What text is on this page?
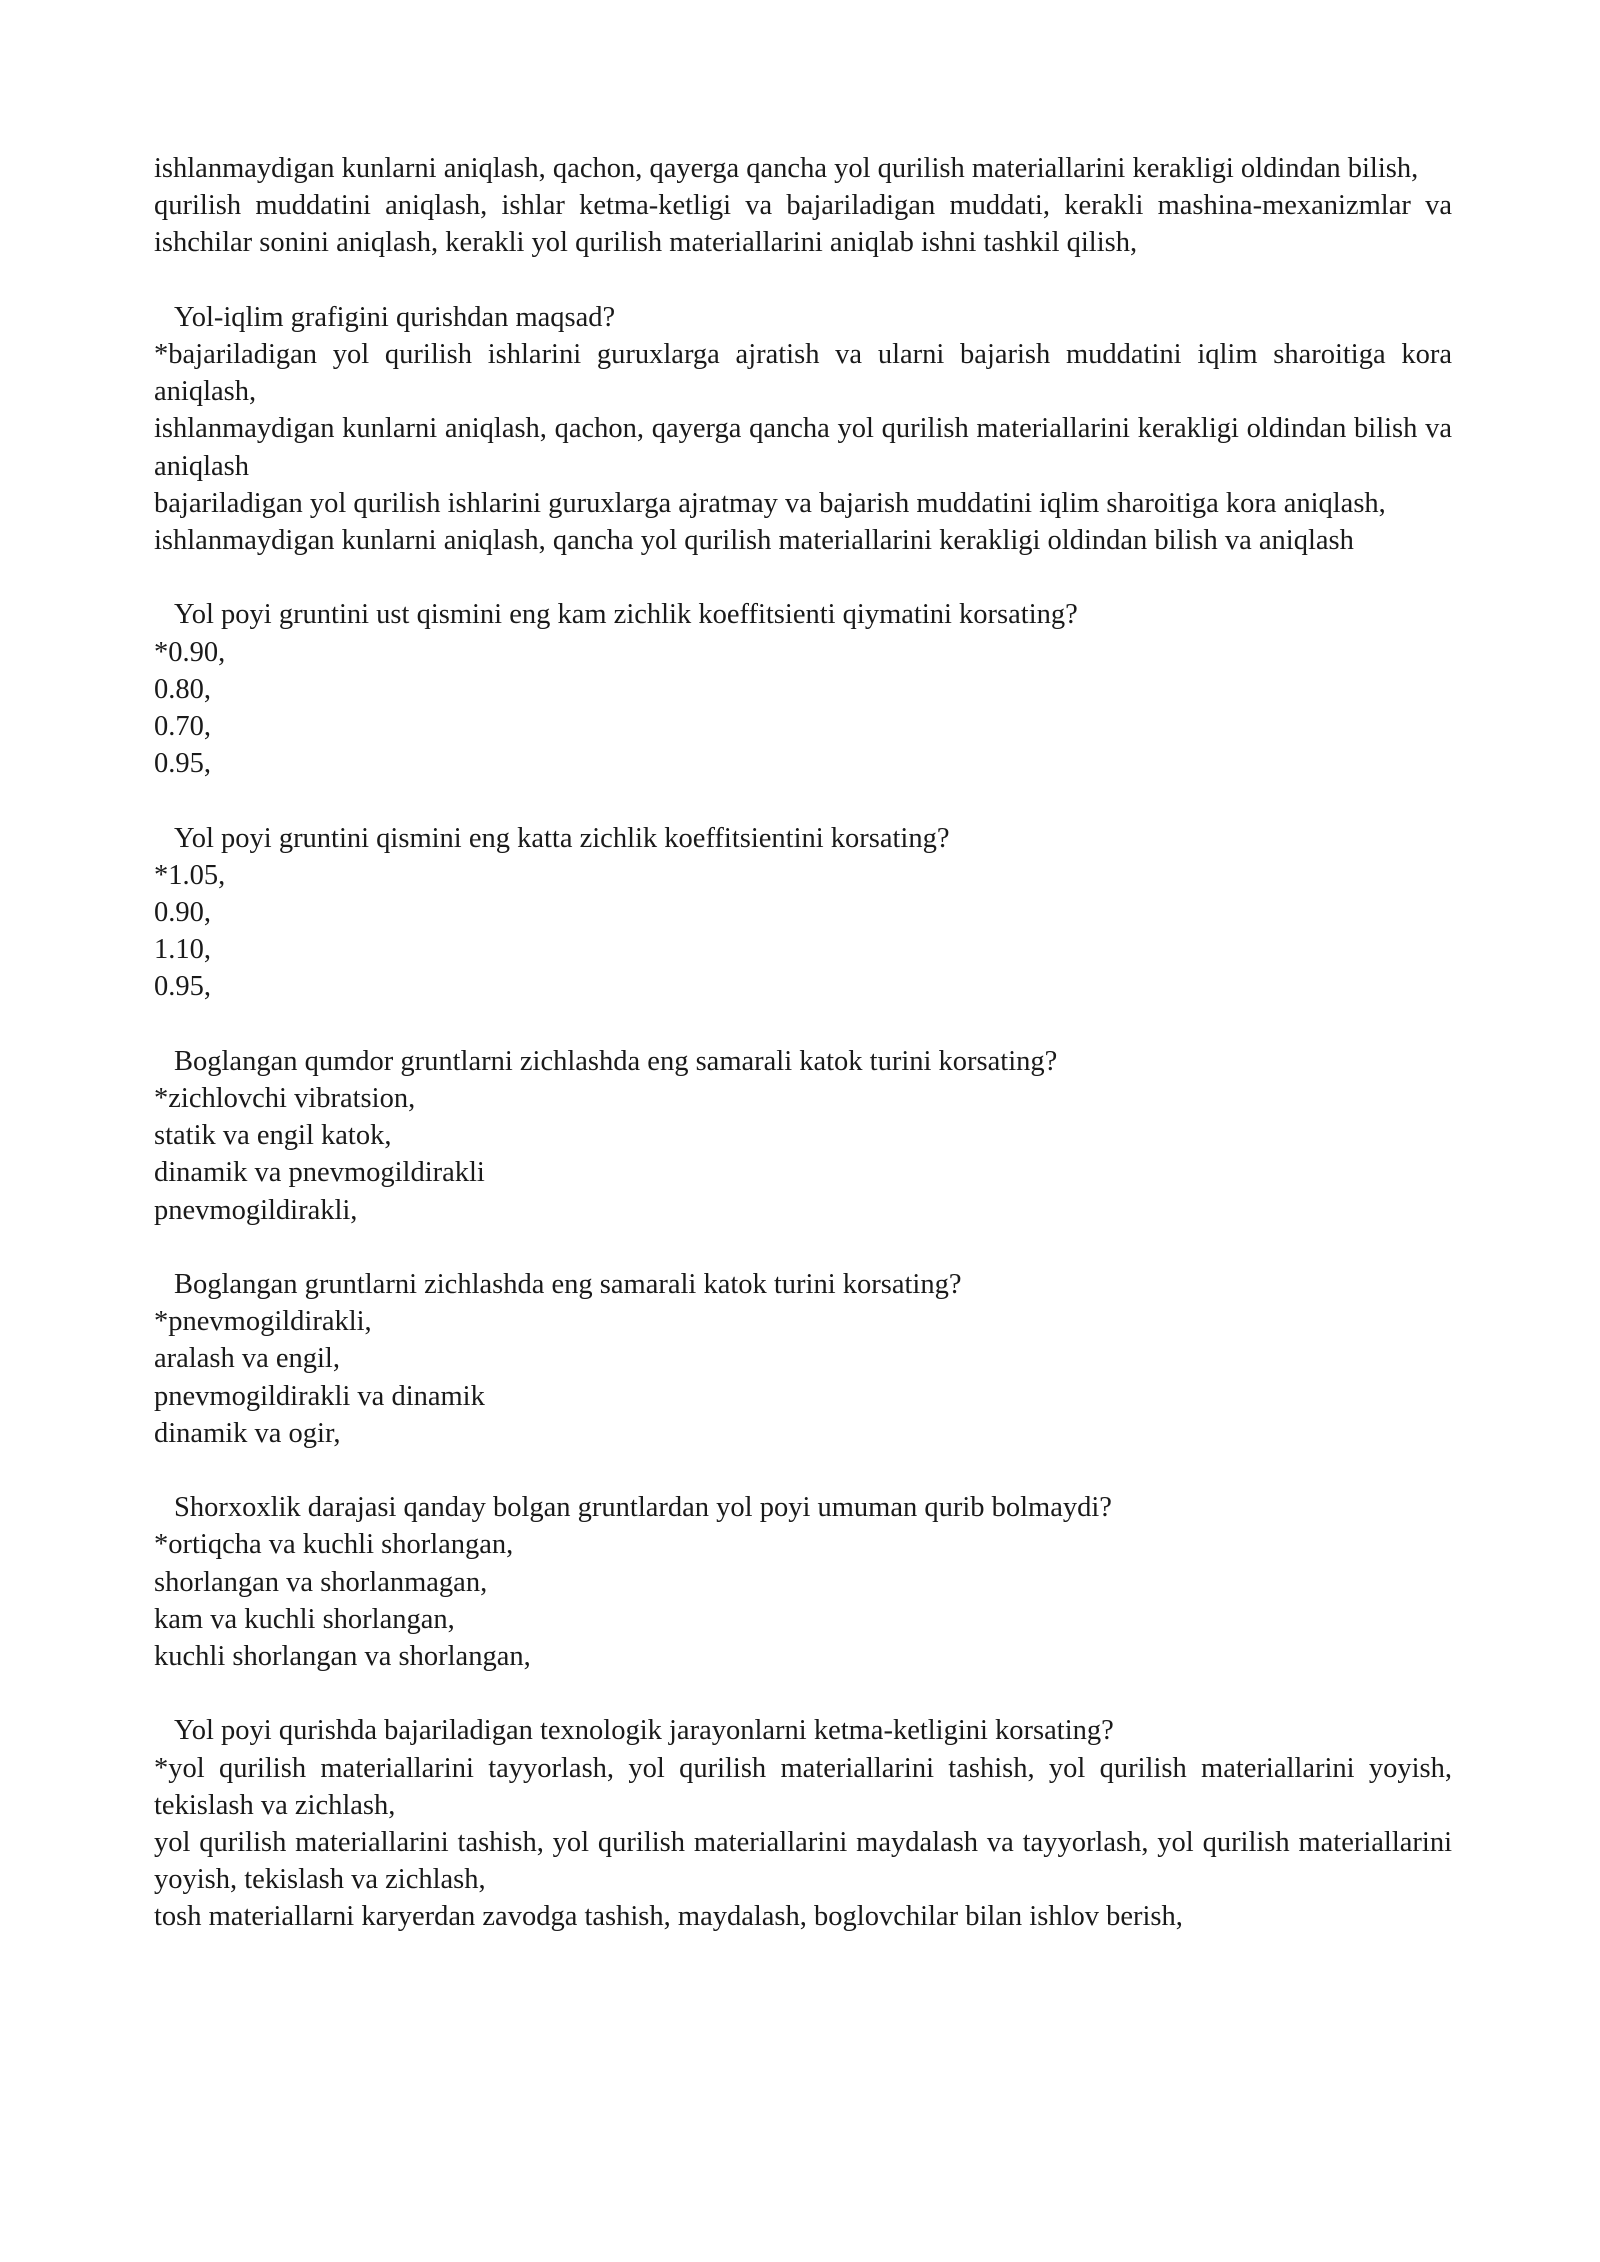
ishlanmaydigan kunlarni aniqlash, qachon, qayerga qancha yol qurilish materiallarini kerakligi oldindan bilish,

qurilish muddatini aniqlash, ishlar ketma-ketligi va bajariladigan muddati, kerakli mashina-mexanizmlar va ishchilar sonini aniqlash, kerakli yol qurilish materiallarini aniqlab ishni tashkil qilish,

Yol-iqlim grafigini qurishdan maqsad?

*bajariladigan yol qurilish ishlarini guruxlarga ajratish va ularni bajarish muddatini iqlim sharoitiga kora aniqlash,

ishlanmaydigan kunlarni aniqlash, qachon, qayerga qancha yol qurilish materiallarini kerakligi oldindan bilish va aniqlash

bajariladigan yol qurilish ishlarini guruxlarga ajratmay va bajarish muddatini iqlim sharoitiga kora aniqlash,

ishlanmaydigan kunlarni aniqlash, qancha yol qurilish materiallarini kerakligi oldindan bilish va aniqlash

Yol poyi gruntini ust qismini eng kam zichlik koeffitsienti qiymatini korsating?

*0.90,

0.80,

0.70,

0.95,

Yol poyi gruntini qismini eng katta zichlik koeffitsientini korsating?

*1.05,

0.90,

1.10,

0.95,

Boglangan qumdor gruntlarni zichlashda eng samarali katok turini korsating?

*zichlovchi vibratsion,

statik va engil katok,

dinamik va pnevmogildirakli

pnevmogildirakli,

Boglangan gruntlarni zichlashda eng samarali katok turini korsating?

*pnevmogildirakli,

aralash va engil,

pnevmogildirakli va dinamik

dinamik va ogir,

Shorxoxlik darajasi qanday bolgan gruntlardan yol poyi umuman qurib bolmaydi?

*ortiqcha va kuchli shorlangan,

shorlangan va shorlanmagan,

kam va kuchli shorlangan,

kuchli shorlangan va shorlangan,

Yol poyi qurishda bajariladigan texnologik jarayonlarni ketma-ketligini korsating?

*yol qurilish materiallarini tayyorlash, yol qurilish materiallarini tashish, yol qurilish materiallarini yoyish, tekislash va zichlash,

yol qurilish materiallarini tashish, yol qurilish materiallarini maydalash va tayyorlash, yol qurilish materiallarini yoyish, tekislash va zichlash,

tosh materiallarni karyerdan zavodga tashish, maydalash, boglovchilar bilan ishlov berish,
